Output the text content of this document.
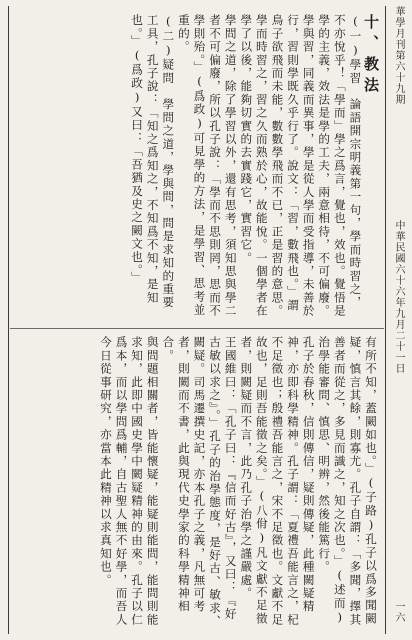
華學月刊第六十九期
中華民國六十六年九月二十一日
一六
十、教法

(一)學習　論語開宗明義第一句，學而時習之，不亦悅乎！「學而」學之爲言，覺也，效也。覺悟是學的主義，效法是學的工夫，兩意相待，不可偏廢。學與習，同義而異事，學是從人學而受指導，未善於行，習則學既久乎行了。說文：「習，數飛也。」謂鳥子欲飛而未能，數數學飛而不已，正是習的意思。學而時習之，習之久而熟於心，故能悅。一個學者在學了以後，能夠切實的去實踐它，實習它。

學問之道，除了學習以外，還有思考，須知思與學二者不可偏廢，所以孔子說：「學而不思則罔，思而不學則殆。」(爲政)可見學的方法，是學習、思考並重的。

(二)疑問　學問之道，學與問，問是求知的重要工具，孔子說：「知之爲知之，不知爲不知，是知也。」(爲政)又曰：「吾猶及史之闕文也。」

有所不知，蓋闕如也。」(子路)孔子以爲多聞闕疑，慎言其餘，則寡尤。孔子自謂：「多聞，擇其善者而從之，多見而識之，知之次也。」(述而)治學能審問、慎思、明辨，然後能篤行。

孔子於春秋，信則傳信，疑則傳疑，此種闕疑精神，亦即科學精神。孔子謂：「夏禮吾能言之，杞不足徵也；殷禮吾能言之，宋不足徵也。文獻不足故也，足則吾能徵之矣。」(八佾)凡文獻不足徵者，則闕疑而不言，此乃孔子治學之謹嚴處。

王國維曰：「孔子曰：『信而好古』，又曰：『好古敏以求之』。」孔子的治學態度，是好古、敏求、闕疑。司馬遷撰史記，亦本孔子之義，凡無可考者，則闕而不書，此與現代史學家的科學精神相合。

與問題相關者，皆能懷疑，能疑則能問，能問則能求知，此即中國史學中闕疑精神的由來。孔子以仁爲本，而以學問爲輔，自古聖人無不好學，而吾人今日從事研究，亦當本此精神以求真知也。
